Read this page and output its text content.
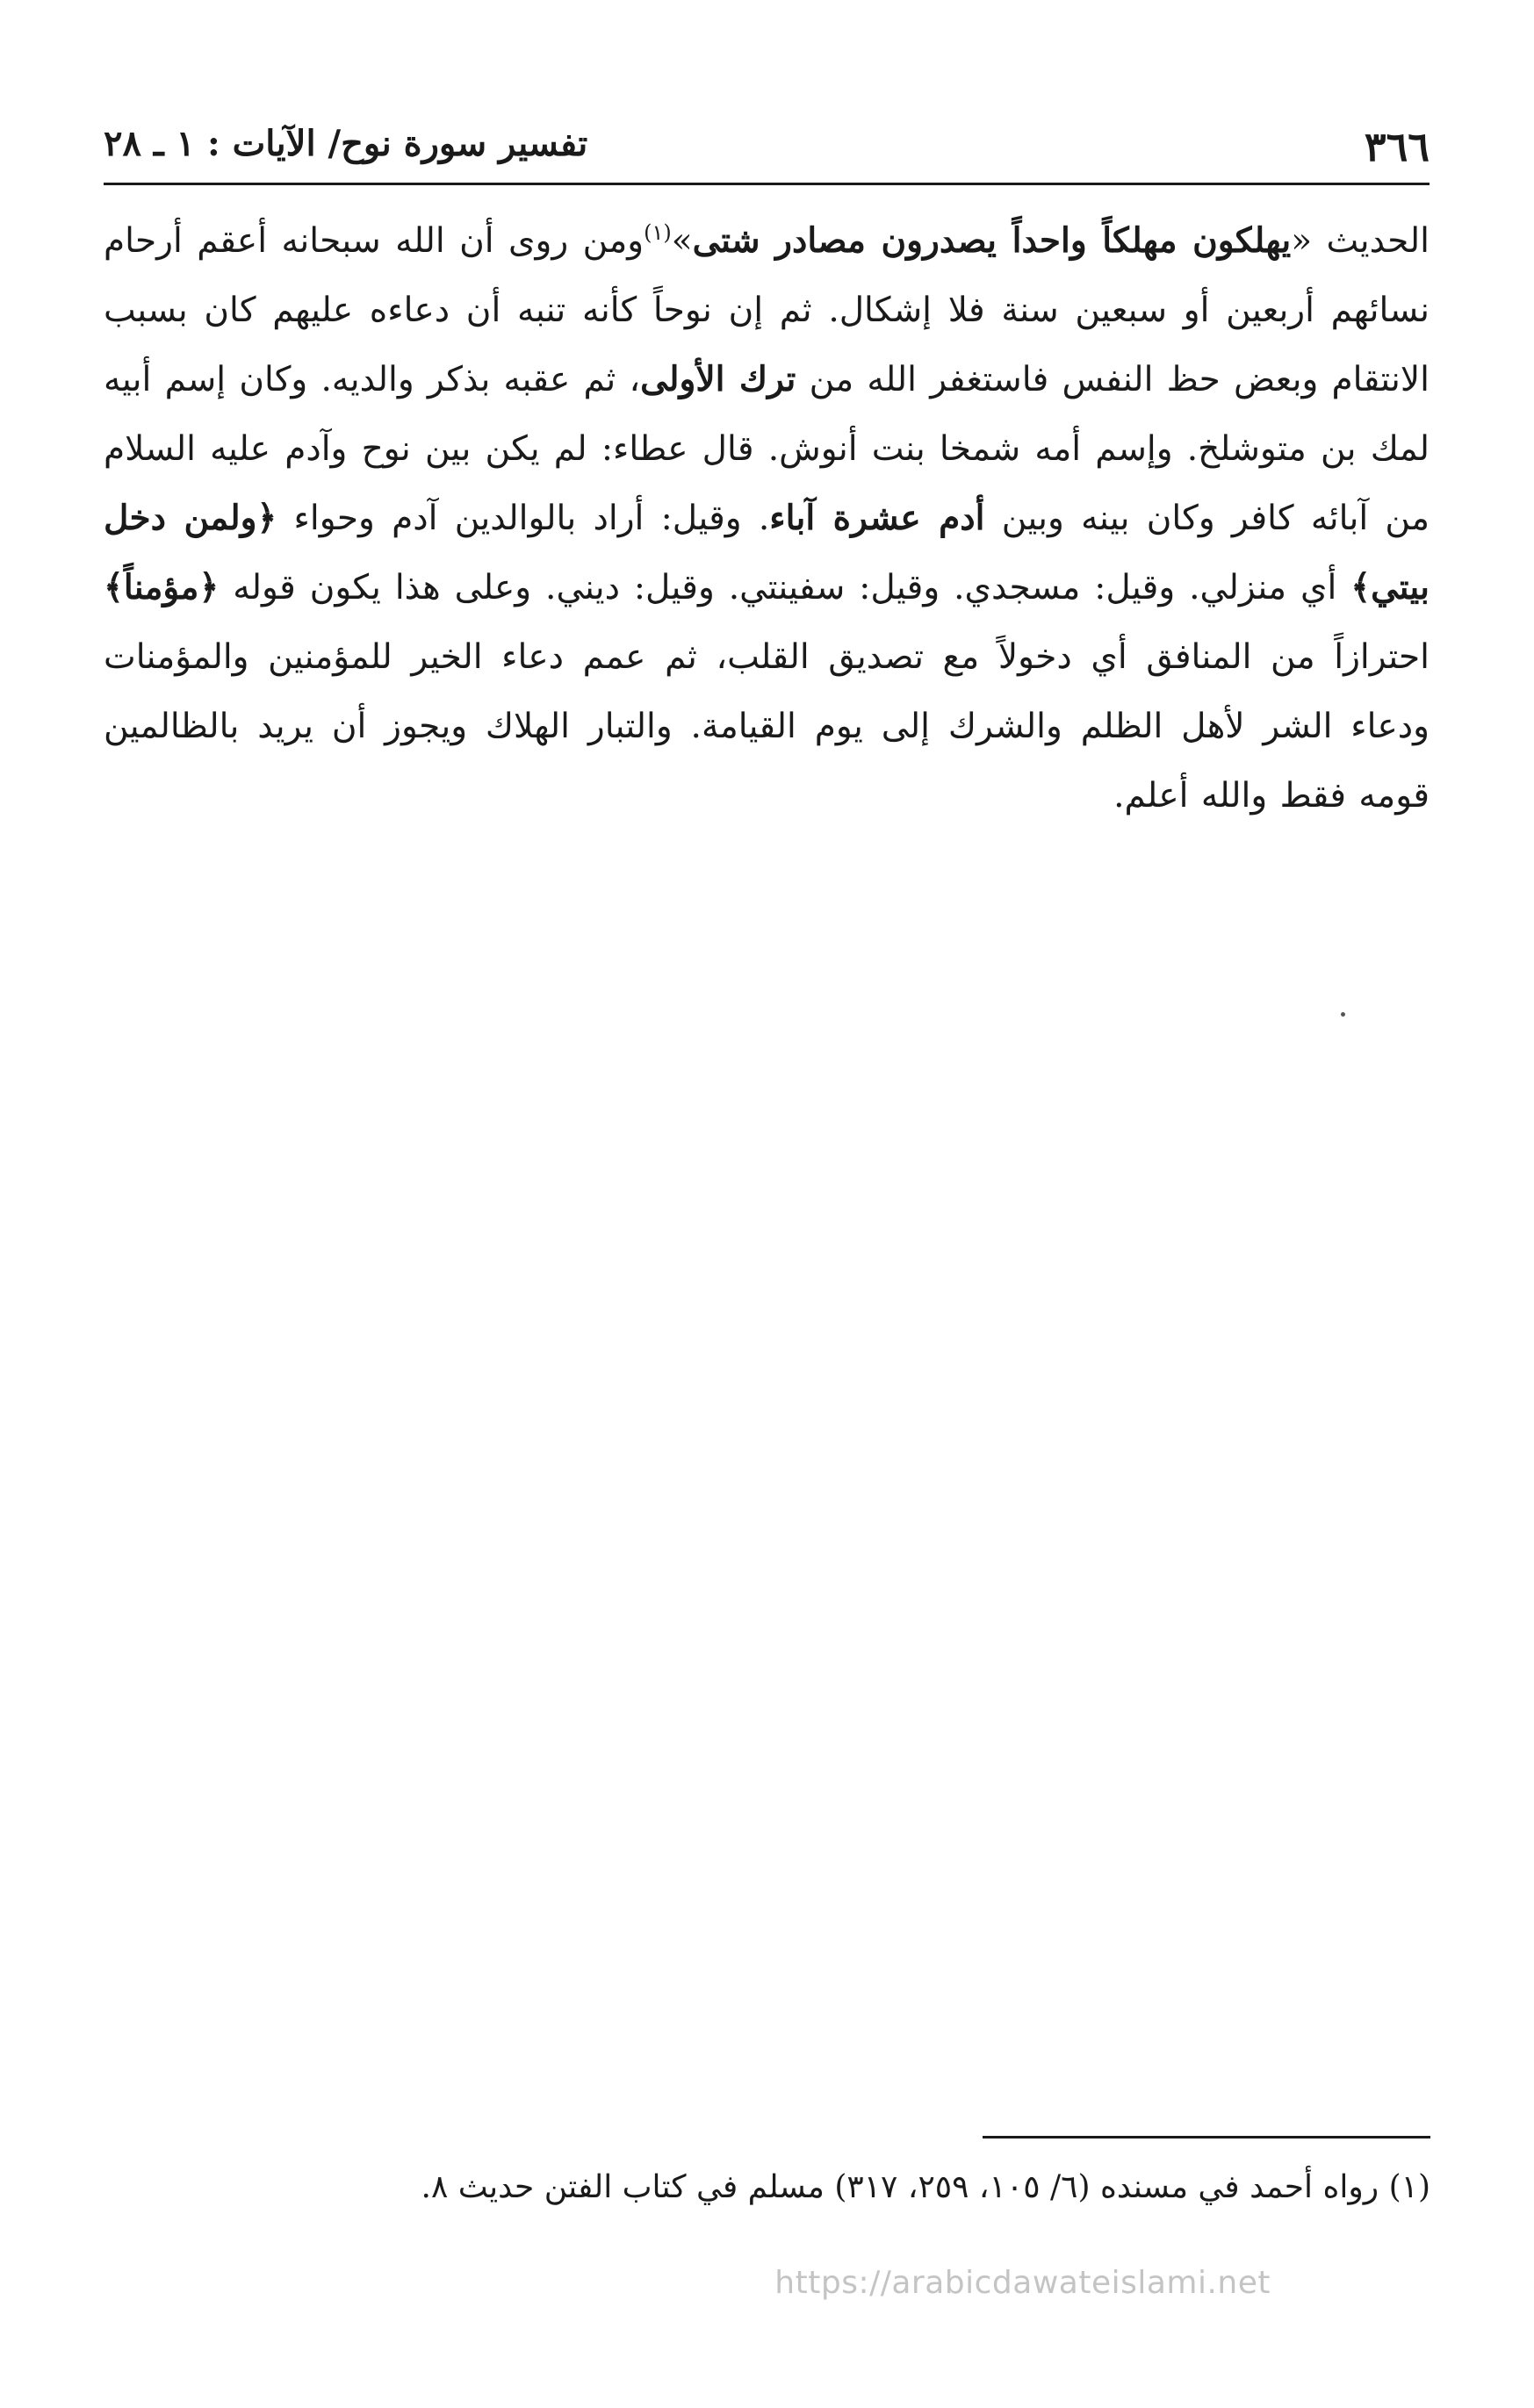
٣٦٦
تفسير سورة نوح/ الآيات : ١ ـ ٢٨

الحديث «يهلكون مهلكاً واحداً يصدرون مصادر شتى»$^{(١)}$ومن روى أن الله سبحانه أعقم أرحام نسائهم أربعين أو سبعين سنة فلا إشكال. ثم إن نوحاً كأنه تنبه أن دعاءه عليهم كان بسبب الانتقام وبعض حظ النفس فاستغفر الله من ترك الأولى، ثم عقبه بذكر والديه. وكان إسم أبيه لمك بن متوشلخ. وإسم أمه شمخا بنت أنوش. قال عطاء: لم يكن بين نوح وآدم عليه السلام من آبائه كافر وكان بينه وبين أدم عشرة آباء. وقيل: أراد بالوالدين آدم وحواء ﴿ولمن دخل بيتي﴾ أي منزلي. وقيل: مسجدي. وقيل: سفينتي. وقيل: ديني. وعلى هذا يكون قوله ﴿مؤمناً﴾ احترازاً من المنافق أي دخولاً مع تصديق القلب، ثم عمم دعاء الخير للمؤمنين والمؤمنات ودعاء الشر لأهل الظلم والشرك إلى يوم القيامة. والتبار الهلاك ويجوز أن يريد بالظالمين قومه فقط والله أعلم.

(١) رواه أحمد في مسنده (٦/ ١٠٥، ٢٥٩، ٣١٧) مسلم في كتاب الفتن حديث ٨.
https://arabicdawateislami.net
